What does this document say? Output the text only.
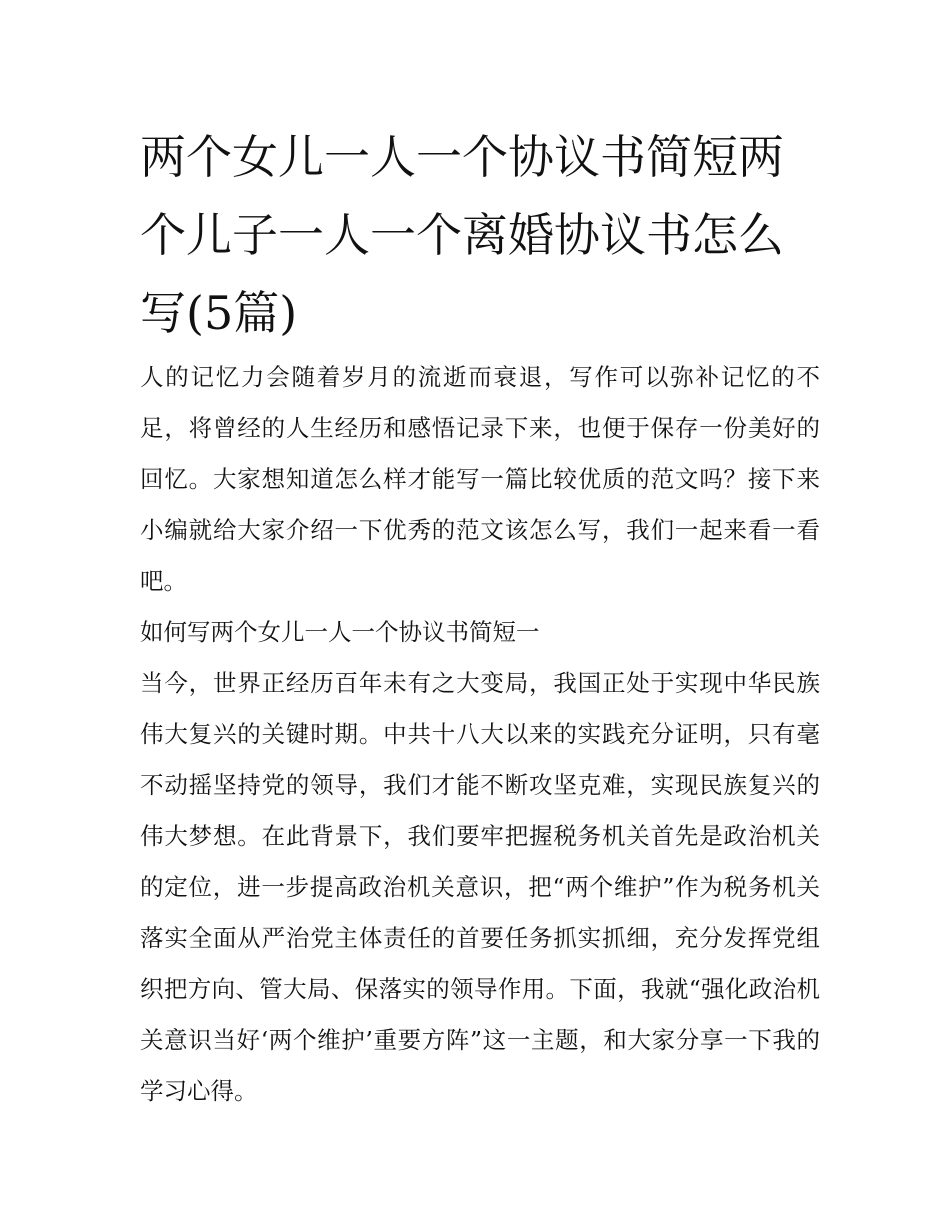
两个女儿一人一个协议书简短两个儿子一人一个离婚协议书怎么写(5篇)

人的记忆力会随着岁月的流逝而衰退，写作可以弥补记忆的不足，将曾经的人生经历和感悟记录下来，也便于保存一份美好的回忆。大家想知道怎么样才能写一篇比较优质的范文吗？接下来小编就给大家介绍一下优秀的范文该怎么写，我们一起来看一看吧。

如何写两个女儿一人一个协议书简短一

当今，世界正经历百年未有之大变局，我国正处于实现中华民族伟大复兴的关键时期。中共十八大以来的实践充分证明，只有毫不动摇坚持党的领导，我们才能不断攻坚克难，实现民族复兴的伟大梦想。在此背景下，我们要牢把握税务机关首先是政治机关的定位，进一步提高政治机关意识，把“两个维护”作为税务机关落实全面从严治党主体责任的首要任务抓实抓细，充分发挥党组织把方向、管大局、保落实的领导作用。下面，我就“强化政治机关意识当好‘两个维护’重要方阵”这一主题，和大家分享一下我的学习心得。
